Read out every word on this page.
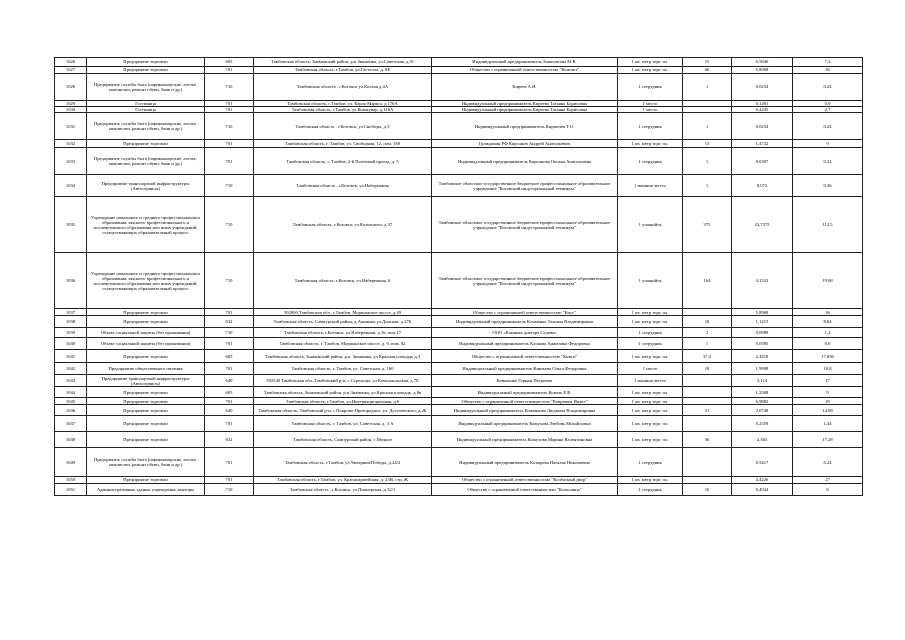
1026	Предприятие торговли	605	Тамбовская область, Знаменский район, р.п.Знаменка, ул.Советская, д.51	Индивидуальный предприниматель Бажилатова М.В.	1 кв. метр торг. пл.	15	0,5846	7,2
1027	Предприятие торговли	701	Тамбовская область, г.Тамбов, ул.Гастелло, д. 8Е	Общество с ограниченной ответственностью "Контакт"	1 кв. метр торг. пл.	60	5,8968	36
1028	Предприятие службы быта (парикмахерские, ателье, химчистки, ремонт обуви, бани и др.)	710	Тамбовская область , г.Котовск ул.Колхая д.4А	Киреев А.Н.	1 сотрудник	1	0,0234	0,24
1029	Гостиница	701	Тамбовская область, г.Тамбов, ул. Карла Маркса, д.176А	Индивидуальный предприниматель Киреева Татьяна Борисовна	1 место		0,1481	0,9
1030	Гостиница	701	Тамбовская область, г.Тамбов, ул.Коммунар, д.116А	Индивидуальный предприниматель Киреева Татьяна Борисовна	1 место		0,4445	2,7
1031	Предприятие службы быта (парикмахерские, ателье, химчистки, ремонт обуви, бани и др.)	710	Тамбовская область , г.Котовск, ул.Свободы, д.5	Индивидуальный предприниматель Кирпичёв Т.О.	1 сотрудник	1	0,0234	0,24
1032	Предприятие торговли	701	Тамбовская область, г. Тамбов, ул. Свободная, 12, пом. 169	Гражданин РФ Кирсанов Андрей Анатольевич	1 кв. метр торг. пл.	15	1,4742	9
1033	Предприятие службы быта (парикмахерские, ателье, химчистки, ремонт обуви, бани и др.)	701	Тамбовская область, г. Тамбов, 2-й Почтовый проезд, д. 5	Индивидуальный предприниматель Кирсанова Оксана Анатольевна	1 сотрудник	1	0,0397	0,24
1034	Предприятие транспортной инфраструктуры (Автосервисы)	710	Тамбовская область , г.Котовск, ул.Набережная	Тамбовское областное государственное бюджетное профессиональное образовательное учреждение "Котовский индустриальный техникум"	1 машино-место	1	0,072	0,36
1035	Учреждение начального и среднего профессионального образования, высшего профессионального и послевузовского образования или иных учреждений, осуществляющих образовательный процесс	710	Тамбовская область, г.Котовск, ул.Котовского, д.37	Тамбовское областное государственное бюджетное профессиональное образовательное учреждение "Котовский индустриальный техникум"	1 учащийся	375	23,7375	112,5
1036	Учреждение начального и среднего профессионального образования, высшего профессионального и послевузовского образования или иных учреждений, осуществляющих образовательный процесс	710	Тамбовская область, г.Котовск, ул.Набережная, 6	Тамбовское областное государственное бюджетное профессиональное образовательное учреждение "Котовский индустриальный техникум"	1 учащийся	164	4,1523	19,68
1037	Предприятие торговли	701	392000 Тамбовская обл., г.Тамбов, Моршанское шоссе, д.49	Общество с ограниченной ответственностью "Кисс"	1 кв. метр торг. пл.		5,8968	36
1038	Предприятие торговли	632	Тамбовская область, Сампурский район, д.Акиныка ул.Донская, д.27Б	Индивидуальный предприниматель Клименко Татьяна Владимировна	1 кв. метр торг. пл.	18	1,1215	8,64
1039	Объект социальной защиты (без проживания)	710	Тамбовская область, г.Котовск, ул.Набережная, д.16, пом.17	ООО «Клиника доктора Седова»	1 сотрудник	2	0,0989	1,2
1040	Объект социальной защиты (без проживания)	701	Тамбовская область, г. Тамбов, Моршанское шоссе, д. 9, пом. 82	Индивидуальный предприниматель Клокова Анжелика Федоровна	1 сотрудник	1	0,0585	0,6
1041	Предприятие торговли	605	Тамбовская область, Знаменский район, р.п. Знаменка, ул.Красная площадь д.3	Общество с ограниченной ответственностью "Книги"	1 кв. метр торг. пл.	37,2	2,4418	17,856
1042	Предприятие общественного питания	701	Тамбовская область, г. Тамбов, ул. Советская, д. 160	Индивидуальный предприниматель Князьева Ольга Федоровна	1 место	18	1,9998	10,8
1043	Предприятие транспортной инфраструктуры (Автосервисы)	640	392540 Тамбовская обл.,Тамбовский р-н, с.Стрельцы, ул.Комсомольская, д.7Б	Коваленко Герман Петрович	1 машино-место		3,114	27
1044	Предприятие торговли	605	Тамбовская область, Знаменский район, р.п.Знаменка, ул.Красная площадь, д.8в	Индивидуальный предприниматель Коваль Е.В.	1 кв. метр торг. пл.		1,2308	9
1045	Предприятие торговли	701	Тамбовская область, г.Тамбов, ул.Интернациональная, д.6	Общество с ограниченной ответственностью "Коврижка Интел"	1 кв. метр торг. пл.		6,9882	29
1046	Предприятие торговли	640	Тамбовская область, Тамбовский р-н, с.Покрово-Пригородное, ул. Достоевского, д.2Б	Индивидуальный предприниматель Коженкова Людмила Владимировна	1 кв. метр торг. пл.	31	2,0748	14,88
1047	Предприятие торговли	701	Тамбовская область, г. Тамбов, ул. Советская, д. 3 А	Индивидуальный предприниматель Кожухова Любовь Михайловна	1 кв. метр торг. пл.		0,2359	1,44
1048	Предприятие торговли	632	Тамбовская область, Сампурский район, с.Медное	Индивидуальный предприниматель Кожухова Марина Валентиновна	1 кв. метр торг. пл.	36	2,363	17,28
1049	Предприятие службы быта (парикмахерские, ателье, химчистки, ремонт обуви, бани и др.)	701	Тамбовская область, г.Тамбов, ул.Чичерина/Победы, д.24/2	Индивидуальный предприниматель Козырева Наталья Николаевна	1 сотрудник		0,5417	6,24
1050	Предприятие торговли	701	Тамбовская область, г.Тамбов, ул. Красноармейская, д. 23В, стр. Ж	Общество с ограниченной ответственностью "Колбасный двор"	1 кв. метр торг. пл.		4,4226	27
1051	Административные здания, учреждения, конторы	710	Тамбовская область , г.Котовск, ул.Пионерская, д.32/1	Общество с ограниченной ответственностью "Колесница"	1 сотрудник	10	0,4944	6
